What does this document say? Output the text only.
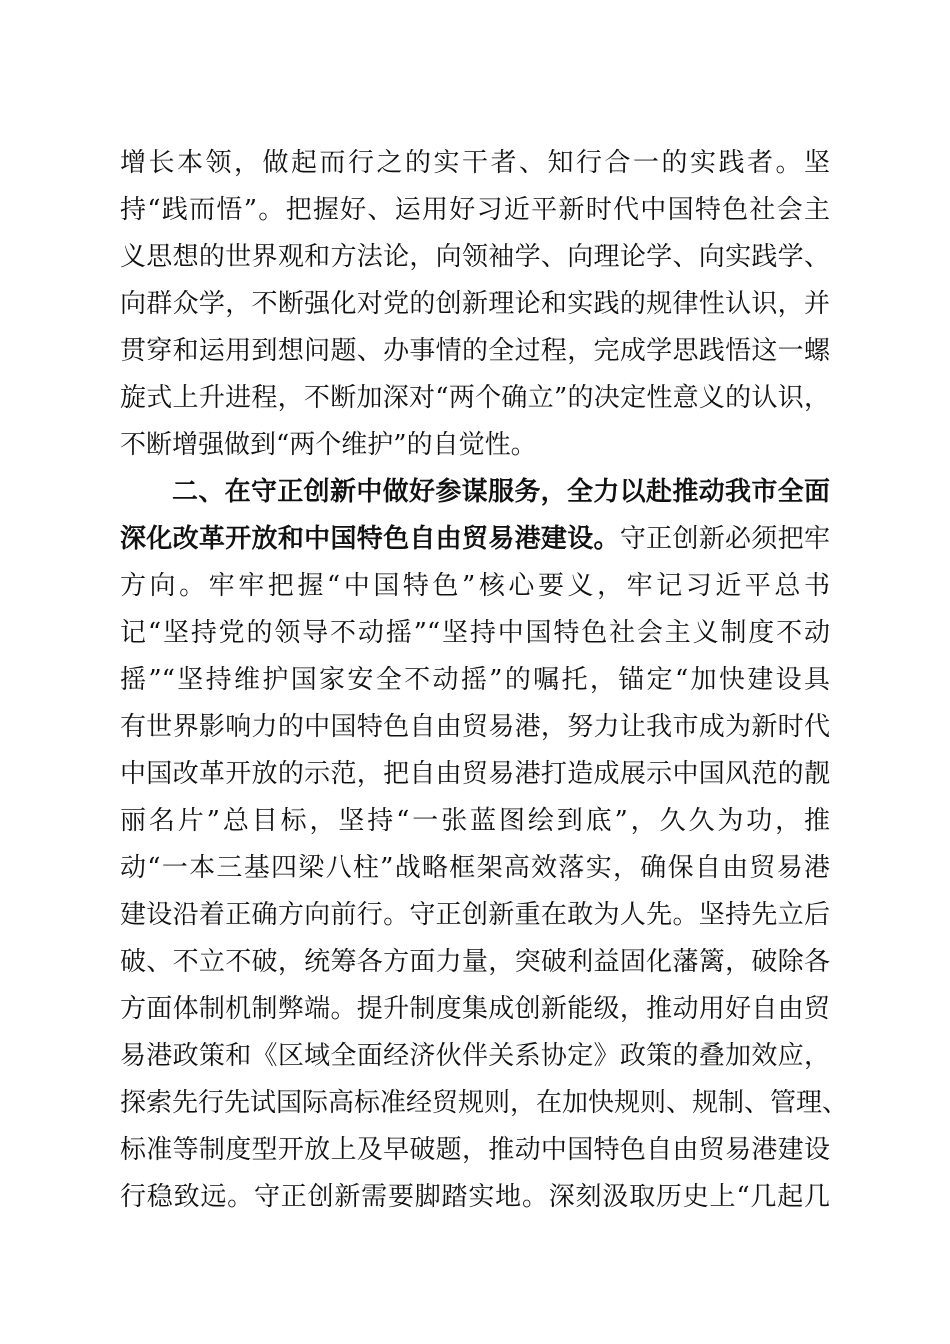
增长本领，做起而行之的实干者、知行合一的实践者。坚
持“践而悟”。把握好、运用好习近平新时代中国特色社会主
义思想的世界观和方法论，向领袖学、向理论学、向实践学、
向群众学，不断强化对党的创新理论和实践的规律性认识，并
贯穿和运用到想问题、办事情的全过程，完成学思践悟这一螺
旋式上升进程，不断加深对“两个确立”的决定性意义的认识，
不断增强做到“两个维护”的自觉性。
二、在守正创新中做好参谋服务，全力以赴推动我市全面
深化改革开放和中国特色自由贸易港建设。守正创新必须把牢
方向。牢牢把握“中国特色”核心要义，牢记习近平总书
记“坚持党的领导不动摇”“坚持中国特色社会主义制度不动
摇”“坚持维护国家安全不动摇”的嘱托，锚定“加快建设具
有世界影响力的中国特色自由贸易港，努力让我市成为新时代
中国改革开放的示范，把自由贸易港打造成展示中国风范的靓
丽名片”总目标，坚持“一张蓝图绘到底”，久久为功，推
动“一本三基四梁八柱”战略框架高效落实，确保自由贸易港
建设沿着正确方向前行。守正创新重在敢为人先。坚持先立后
破、不立不破，统筹各方面力量，突破利益固化藩篱，破除各
方面体制机制弊端。提升制度集成创新能级，推动用好自由贸
易港政策和《区域全面经济伙伴关系协定》政策的叠加效应，
探索先行先试国际高标准经贸规则，在加快规则、规制、管理、
标准等制度型开放上及早破题，推动中国特色自由贸易港建设
行稳致远。守正创新需要脚踏实地。深刻汲取历史上“几起几
